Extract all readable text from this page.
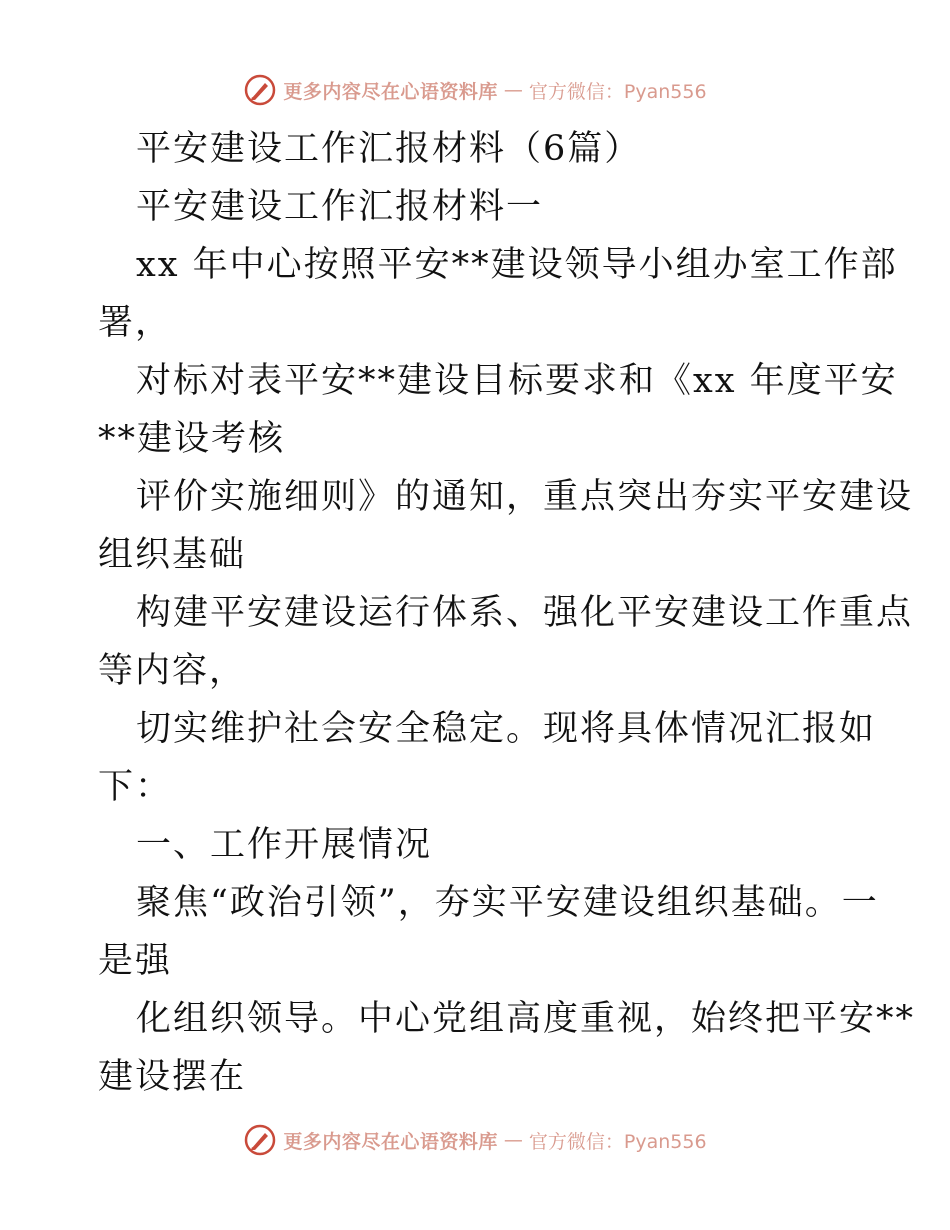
更多内容尽在心语资料库 — 官方微信：Pyan556
平安建设工作汇报材料（6篇）
平安建设工作汇报材料一
xx 年中心按照平安**建设领导小组办室工作部
署，
对标对表平安**建设目标要求和《xx 年度平安
**建设考核
评价实施细则》的通知，重点突出夯实平安建设
组织基础
构建平安建设运行体系、强化平安建设工作重点
等内容，
切实维护社会安全稳定。现将具体情况汇报如
下：
一、工作开展情况
聚焦“政治引领”，夯实平安建设组织基础。一
是强
化组织领导。中心党组高度重视，始终把平安**
建设摆在
更多内容尽在心语资料库 — 官方微信：Pyan556
